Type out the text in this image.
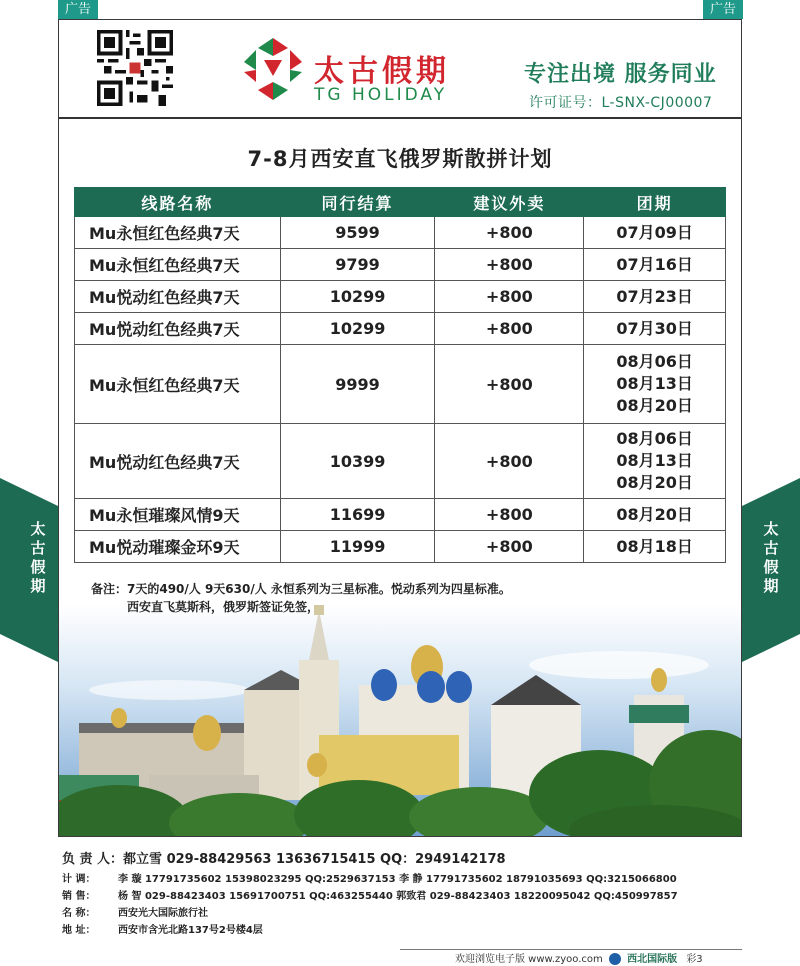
广告	广告
太
古
假
期
太
古
假
期
太古假期
TG HOLIDAY
专注出境 服务同业
许可证号：L-SNX-CJ00007
7-8月西安直飞俄罗斯散拼计划
线路名称	同行结算	建议外卖	团期
Mu永恒红色经典7天	9599	+800	07月09日

Mu永恒红色经典7天	9799	+800	07月16日

Mu悦动红色经典7天	10299	+800	07月23日

Mu悦动红色经典7天	10299	+800	07月30日

Mu永恒红色经典7天	9999	+800	08月06日
08月13日
08月20日

Mu悦动红色经典7天	10399	+800	08月06日
08月13日
08月20日

Mu永恒璀璨风情9天	11699	+800	08月20日

Mu悦动璀璨金环9天	11999	+800	08月18日
备注：7天的490/人 9天630/人 永恒系列为三星标准。悦动系列为四星标准。
西安直飞莫斯科，俄罗斯签证免签，
负 责 人：都立雪 029-88429563 13636715415 QQ：2949142178
计 调： 李 璇 17791735602 15398023295 QQ:2529637153 李 静 17791735602 18791035693 QQ:3215066800
销 售： 杨 智 029-88423403 15691700751 QQ:463255440 郭致君 029-88423403 18220095042 QQ:450997857
名 称： 西安光大国际旅行社
地 址： 西安市含光北路137号2号楼4层
欢迎浏览电子版 www.zyoo.com 西北国际版 彩3
